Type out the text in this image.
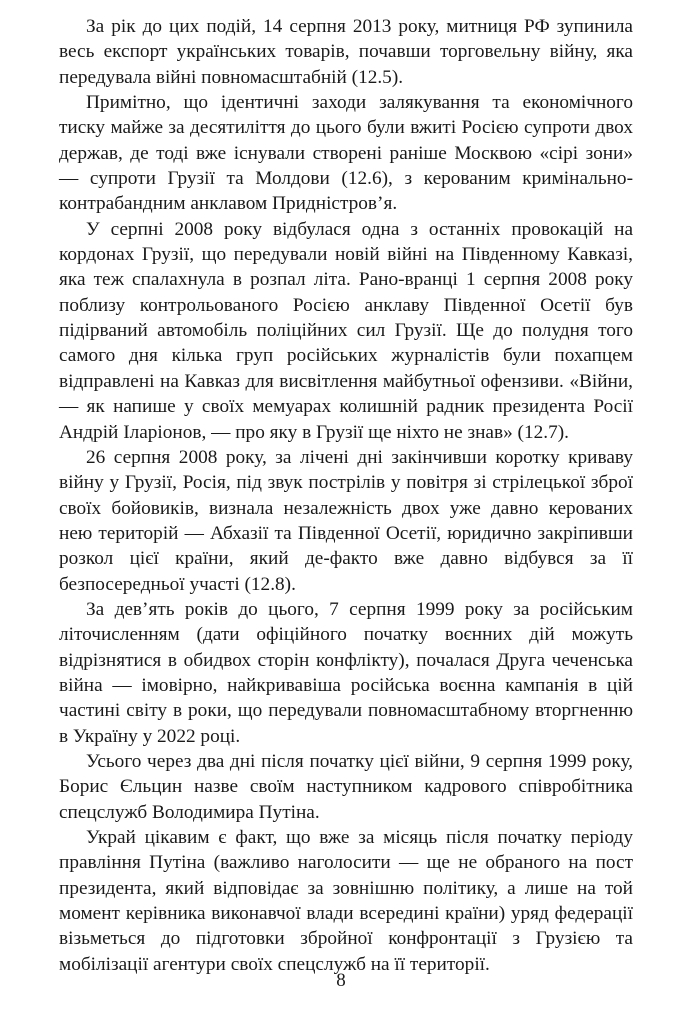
За рік до цих подій, 14 серпня 2013 року, митниця РФ зупинила весь експорт українських товарів, почавши торговельну війну, яка передувала війні повномасштабній (12.5).

Примітно, що ідентичні заходи залякування та економічного тиску майже за десятиліття до цього були вжиті Росією супроти двох держав, де тоді вже існували створені раніше Москвою «сірі зони» — супроти Грузії та Молдови (12.6), з керованим кримінально-контрабандним анклавом Придністров’я.

У серпні 2008 року відбулася одна з останніх провокацій на кордонах Грузії, що передували новій війні на Південному Кавказі, яка теж спалахнула в розпал літа. Рано-вранці 1 серпня 2008 року поблизу контрольованого Росією анклаву Південної Осетії був підірваний автомобіль поліційних сил Грузії. Ще до полудня того самого дня кілька груп російських журналістів були похапцем відправлені на Кавказ для висвітлення майбутньої офензиви. «Війни, — як напише у своїх мемуарах колишній радник президента Росії Андрій Іларіонов, — про яку в Грузії ще ніхто не знав» (12.7).

26 серпня 2008 року, за лічені дні закінчивши коротку криваву війну у Грузії, Росія, під звук пострілів у повітря зі стрілецької зброї своїх бойовиків, визнала незалежність двох уже давно керованих нею територій — Абхазії та Південної Осетії, юридично закріпивши розкол цієї країни, який де-факто вже давно відбувся за її безпосередньої участі (12.8).

За дев’ять років до цього, 7 серпня 1999 року за російським літочисленням (дати офіційного початку воєнних дій можуть відрізнятися в обидвох сторін конфлікту), почалася Друга чеченська війна — імовірно, найкривавіша російська воєнна кампанія в цій частині світу в роки, що передували повномасштабному вторгненню в Україну у 2022 році.

Усього через два дні після початку цієї війни, 9 серпня 1999 року, Борис Єльцин назве своїм наступником кадрового співробітника спецслужб Володимира Путіна.

Украй цікавим є факт, що вже за місяць після початку періоду правління Путіна (важливо наголосити — ще не обраного на пост президента, який відповідає за зовнішню політику, а лише на той момент керівника виконавчої влади всередині країни) уряд федерації візьметься до підготовки збройної конфронтації з Грузією та мобілізації агентури своїх спецслужб на її території.

8
